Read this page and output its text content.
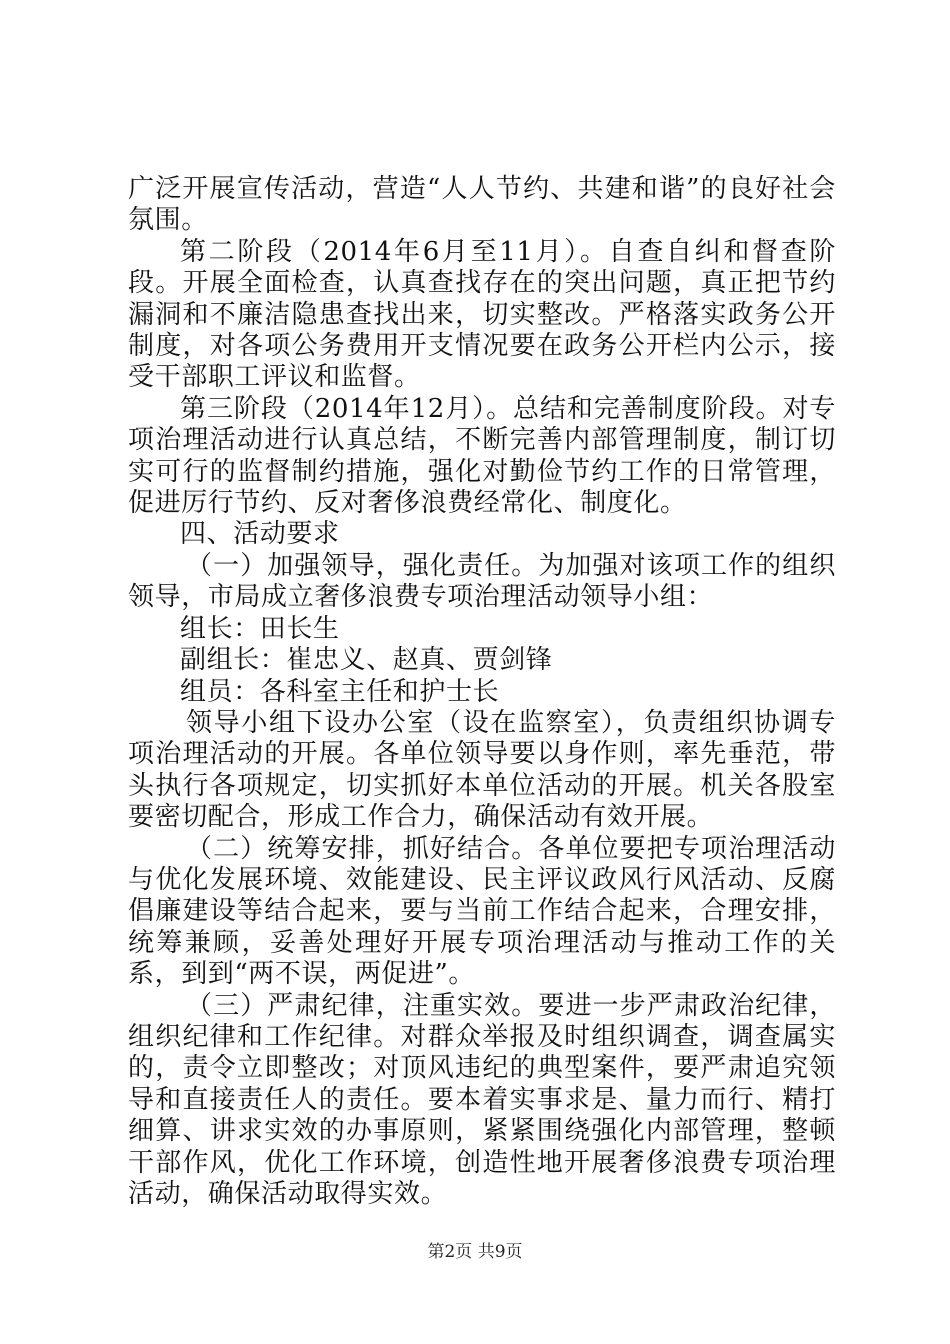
广泛开展宣传活动，营造“人人节约、共建和谐”的良好社会氛围。

第二阶段（2014年6月至11月）。自查自纠和督查阶段。开展全面检查，认真查找存在的突出问题，真正把节约漏洞和不廉洁隐患查找出来，切实整改。严格落实政务公开制度，对各项公务费用开支情况要在政务公开栏内公示，接受干部职工评议和监督。

第三阶段（2014年12月）。总结和完善制度阶段。对专项治理活动进行认真总结，不断完善内部管理制度，制订切实可行的监督制约措施，强化对勤俭节约工作的日常管理，促进厉行节约、反对奢侈浪费经常化、制度化。

四、活动要求

（一）加强领导，强化责任。为加强对该项工作的组织领导，市局成立奢侈浪费专项治理活动领导小组：

组长：田长生

副组长：崔忠义、赵真、贾剑锋

组员：各科室主任和护士长

领导小组下设办公室（设在监察室），负责组织协调专项治理活动的开展。各单位领导要以身作则，率先垂范，带头执行各项规定，切实抓好本单位活动的开展。机关各股室要密切配合，形成工作合力，确保活动有效开展。

（二）统筹安排，抓好结合。各单位要把专项治理活动与优化发展环境、效能建设、民主评议政风行风活动、反腐倡廉建设等结合起来，要与当前工作结合起来，合理安排，统筹兼顾，妥善处理好开展专项治理活动与推动工作的关系，到到“两不误，两促进”。

（三）严肃纪律，注重实效。要进一步严肃政治纪律，组织纪律和工作纪律。对群众举报及时组织调查，调查属实的，责令立即整改；对顶风违纪的典型案件，要严肃追究领导和直接责任人的责任。要本着实事求是、量力而行、精打细算、讲求实效的办事原则，紧紧围绕强化内部管理，整顿干部作风，优化工作环境，创造性地开展奢侈浪费专项治理活动，确保活动取得实效。

第2页 共9页
